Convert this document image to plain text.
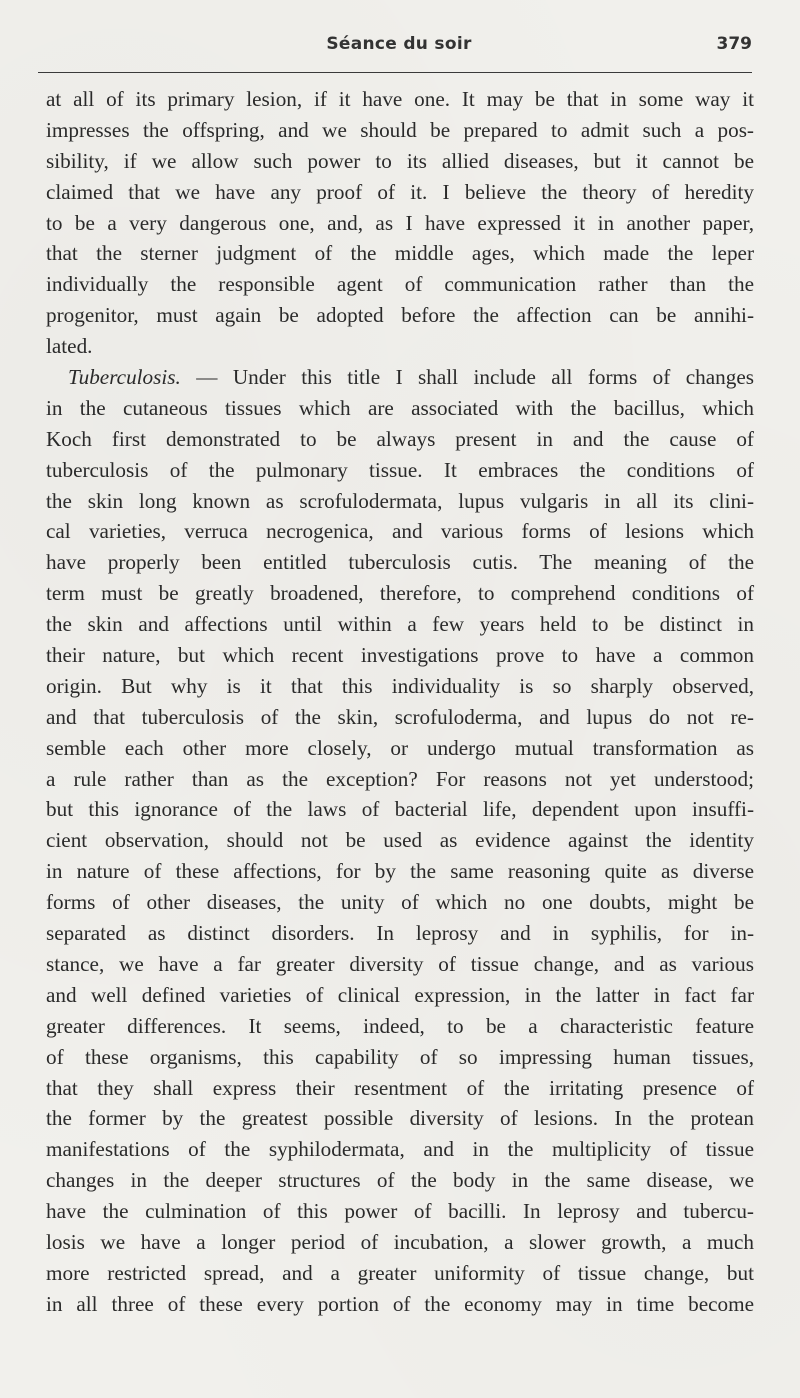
Séance du soir	379
at all of its primary lesion, if it have one. It may be that in some way it
impresses the offspring, and we should be prepared to admit such a pos-
sibility, if we allow such power to its allied diseases, but it cannot be
claimed that we have any proof of it. I believe the theory of heredity
to be a very dangerous one, and, as I have expressed it in another paper,
that the sterner judgment of the middle ages, which made the leper
individually the responsible agent of communication rather than the
progenitor, must again be adopted before the affection can be annihi-
lated.
Tuberculosis. — Under this title I shall include all forms of changes
in the cutaneous tissues which are associated with the bacillus, which
Koch first demonstrated to be always present in and the cause of
tuberculosis of the pulmonary tissue. It embraces the conditions of
the skin long known as scrofulodermata, lupus vulgaris in all its clini-
cal varieties, verruca necrogenica, and various forms of lesions which
have properly been entitled tuberculosis cutis. The meaning of the
term must be greatly broadened, therefore, to comprehend conditions of
the skin and affections until within a few years held to be distinct in
their nature, but which recent investigations prove to have a common
origin. But why is it that this individuality is so sharply observed,
and that tuberculosis of the skin, scrofuloderma, and lupus do not re-
semble each other more closely, or undergo mutual transformation as
a rule rather than as the exception? For reasons not yet understood;
but this ignorance of the laws of bacterial life, dependent upon insuffi-
cient observation, should not be used as evidence against the identity
in nature of these affections, for by the same reasoning quite as diverse
forms of other diseases, the unity of which no one doubts, might be
separated as distinct disorders. In leprosy and in syphilis, for in-
stance, we have a far greater diversity of tissue change, and as various
and well defined varieties of clinical expression, in the latter in fact far
greater differences. It seems, indeed, to be a characteristic feature
of these organisms, this capability of so impressing human tissues,
that they shall express their resentment of the irritating presence of
the former by the greatest possible diversity of lesions. In the protean
manifestations of the syphilodermata, and in the multiplicity of tissue
changes in the deeper structures of the body in the same disease, we
have the culmination of this power of bacilli. In leprosy and tubercu-
losis we have a longer period of incubation, a slower growth, a much
more restricted spread, and a greater uniformity of tissue change, but
in all three of these every portion of the economy may in time become
